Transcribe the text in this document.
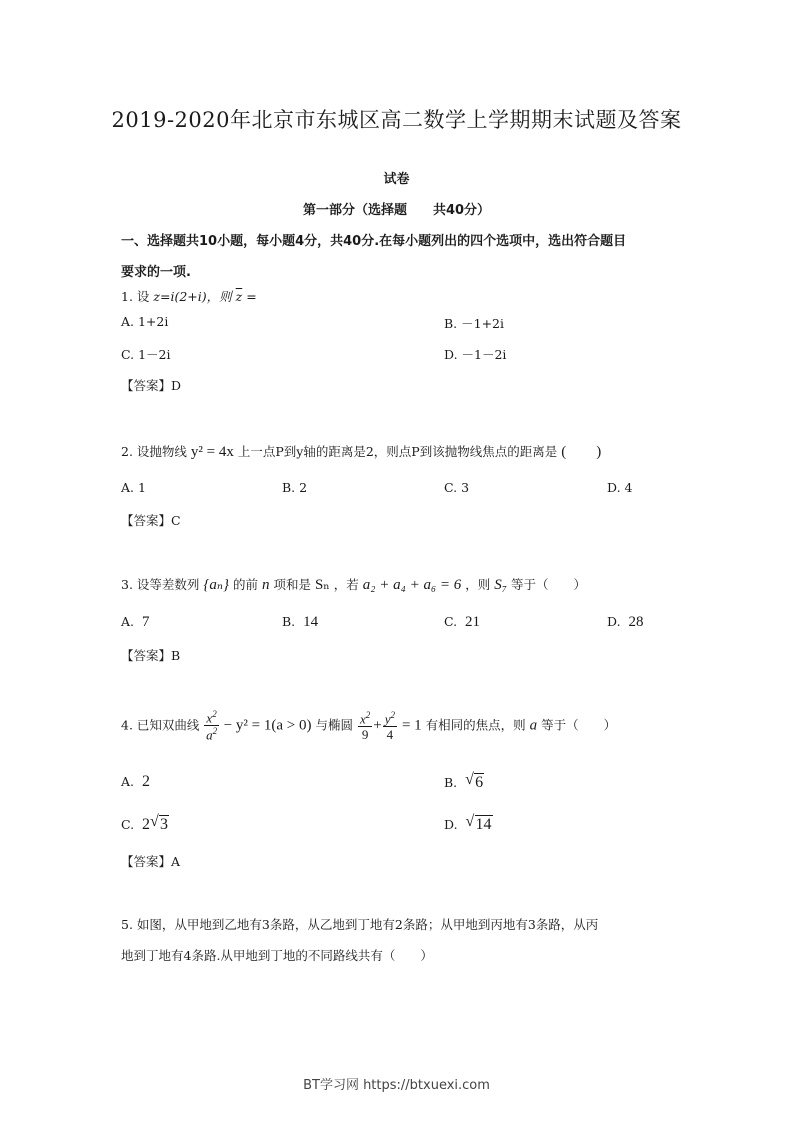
2019-2020年北京市东城区高二数学上学期期末试题及答案
试卷
第一部分（选择题　　共40分）
一、选择题共10小题，每小题4分，共40分.在每小题列出的四个选项中，选出符合题目
要求的一项.
1. 设 z=i(2+i)，则 $\overline{z}$ =
A. 1+2i	B. －1+2i
C. 1－2i	D. －1－2i
【答案】D
2. 设抛物线 y² = 4x 上一点P到y轴的距离是2，则点P到该抛物线焦点的距离是 (　　)
A. 1	B. 2	C. 3	D. 4
【答案】C
3. 设等差数列 {aₙ} 的前 n 项和是 Sₙ ，若 a₂ + a₄ + a₆ = 6 ，则 S₇ 等于（　　）
A. 7	B. 14	C. 21	D. 28
【答案】B
4. 已知双曲线 $\frac{x^2}{a^2} - y^2 = 1(a > 0)$ 与椭圆 $\frac{x^2}{9} + \frac{y^2}{4} = 1$ 有相同的焦点，则 a 等于（　　）
A. 2	B. √ 6
C. 2 √ 3	D. √ 14
【答案】A
5. 如图，从甲地到乙地有3条路，从乙地到丁地有2条路；从甲地到丙地有3条路，从丙
地到丁地有4条路.从甲地到丁地的不同路线共有（　　）
BT学习网 https://btxuexi.com
